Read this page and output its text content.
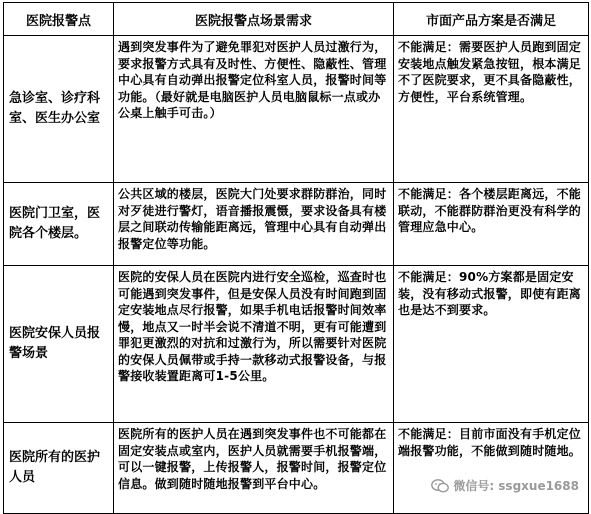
医院报警点	医院报警点场景需求	市面产品方案是否满足
急诊室、诊疗科室、医生办公室	遇到突发事件为了避免罪犯对医护人员过激行为，要求报警方式具有及时性、方便性、隐蔽性、管理中心具有自动弹出报警定位科室人员，报警时间等功能。（最好就是电脑医护人员电脑鼠标一点或办公桌上触手可击。）	不能满足：需要医护人员跑到固定安装地点触发紧急按钮，根本满足不了医院要求，更不具备隐蔽性，方便性，平台系统管理。
医院门卫室，医院各个楼层。	公共区域的楼层，医院大门处要求群防群治，同时对歹徒进行警灯，语音播报震慑，要求设备具有楼层之间联动传输能距离远，管理中心具有自动弹出报警定位等功能。	不能满足：各个楼层距离远，不能联动，不能群防群治更没有科学的管理应急中心。
医院安保人员报警场景	医院的安保人员在医院内进行安全巡检，巡查时也可能遇到突发事件，但是安保人员没有时间跑到固定安装地点尽行报警，如果手机电话报警时间效率慢，地点又一时半会说不清道不明，更有可能遭到罪犯更激烈的对抗和过激行为，所以需要针对医院的安保人员佩带或手持一款移动式报警设备，与报警接收装置距离可1-5公里。	不能满足：90%方案都是固定安装，没有移动式报警，即使有距离也是达不到要求。
医院所有的医护人员	医院所有的医护人员在遇到突发事件也不可能都在固定安装点或室内，医护人员就需要手机报警端，可以一键报警，上传报警人，报警时间，报警定位信息。做到随时随地报警到平台中心。	不能满足：目前市面没有手机定位端报警功能，不能做到随时随地。
微信号: ssgxue1688
